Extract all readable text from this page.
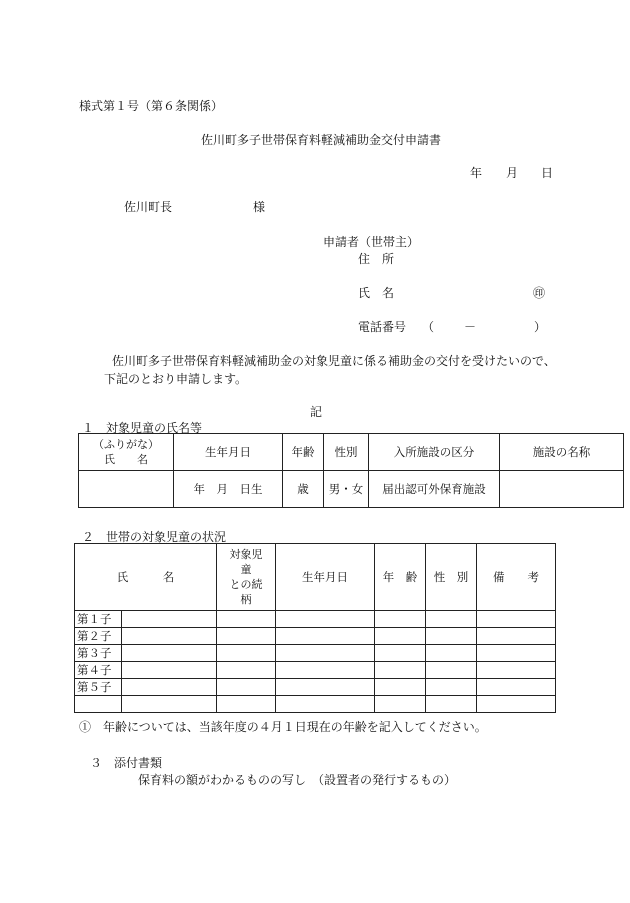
様式第１号（第６条関係）
佐川町多子世帯保育料軽減補助金交付申請書
年 月 日
佐川町長	様
申請者（世帯主）
住　所
氏　名	㊞
電話番号 （ －	）
佐川町多子世帯保育料軽減補助金の対象児童に係る補助金の交付を受けたいので、
下記のとおり申請します。
記
１　対象児童の氏名等
（ふりがな）
氏　　名	生年月日	年齢	性別	入所施設の区分	施設の名称
	年　月　日生	歳	男・女	届出認可外保育施設	
２　世帯の対象児童の状況
氏　　　名		対象児
童
との続
柄	生年月日	年　齢	性　別	備　　考
第１子						
第２子						
第３子						
第４子						
第５子						

①　年齢については、当該年度の４月１日現在の年齢を記入してください。
３　添付書類
保育料の額がわかるものの写し　（設置者の発行するもの）
